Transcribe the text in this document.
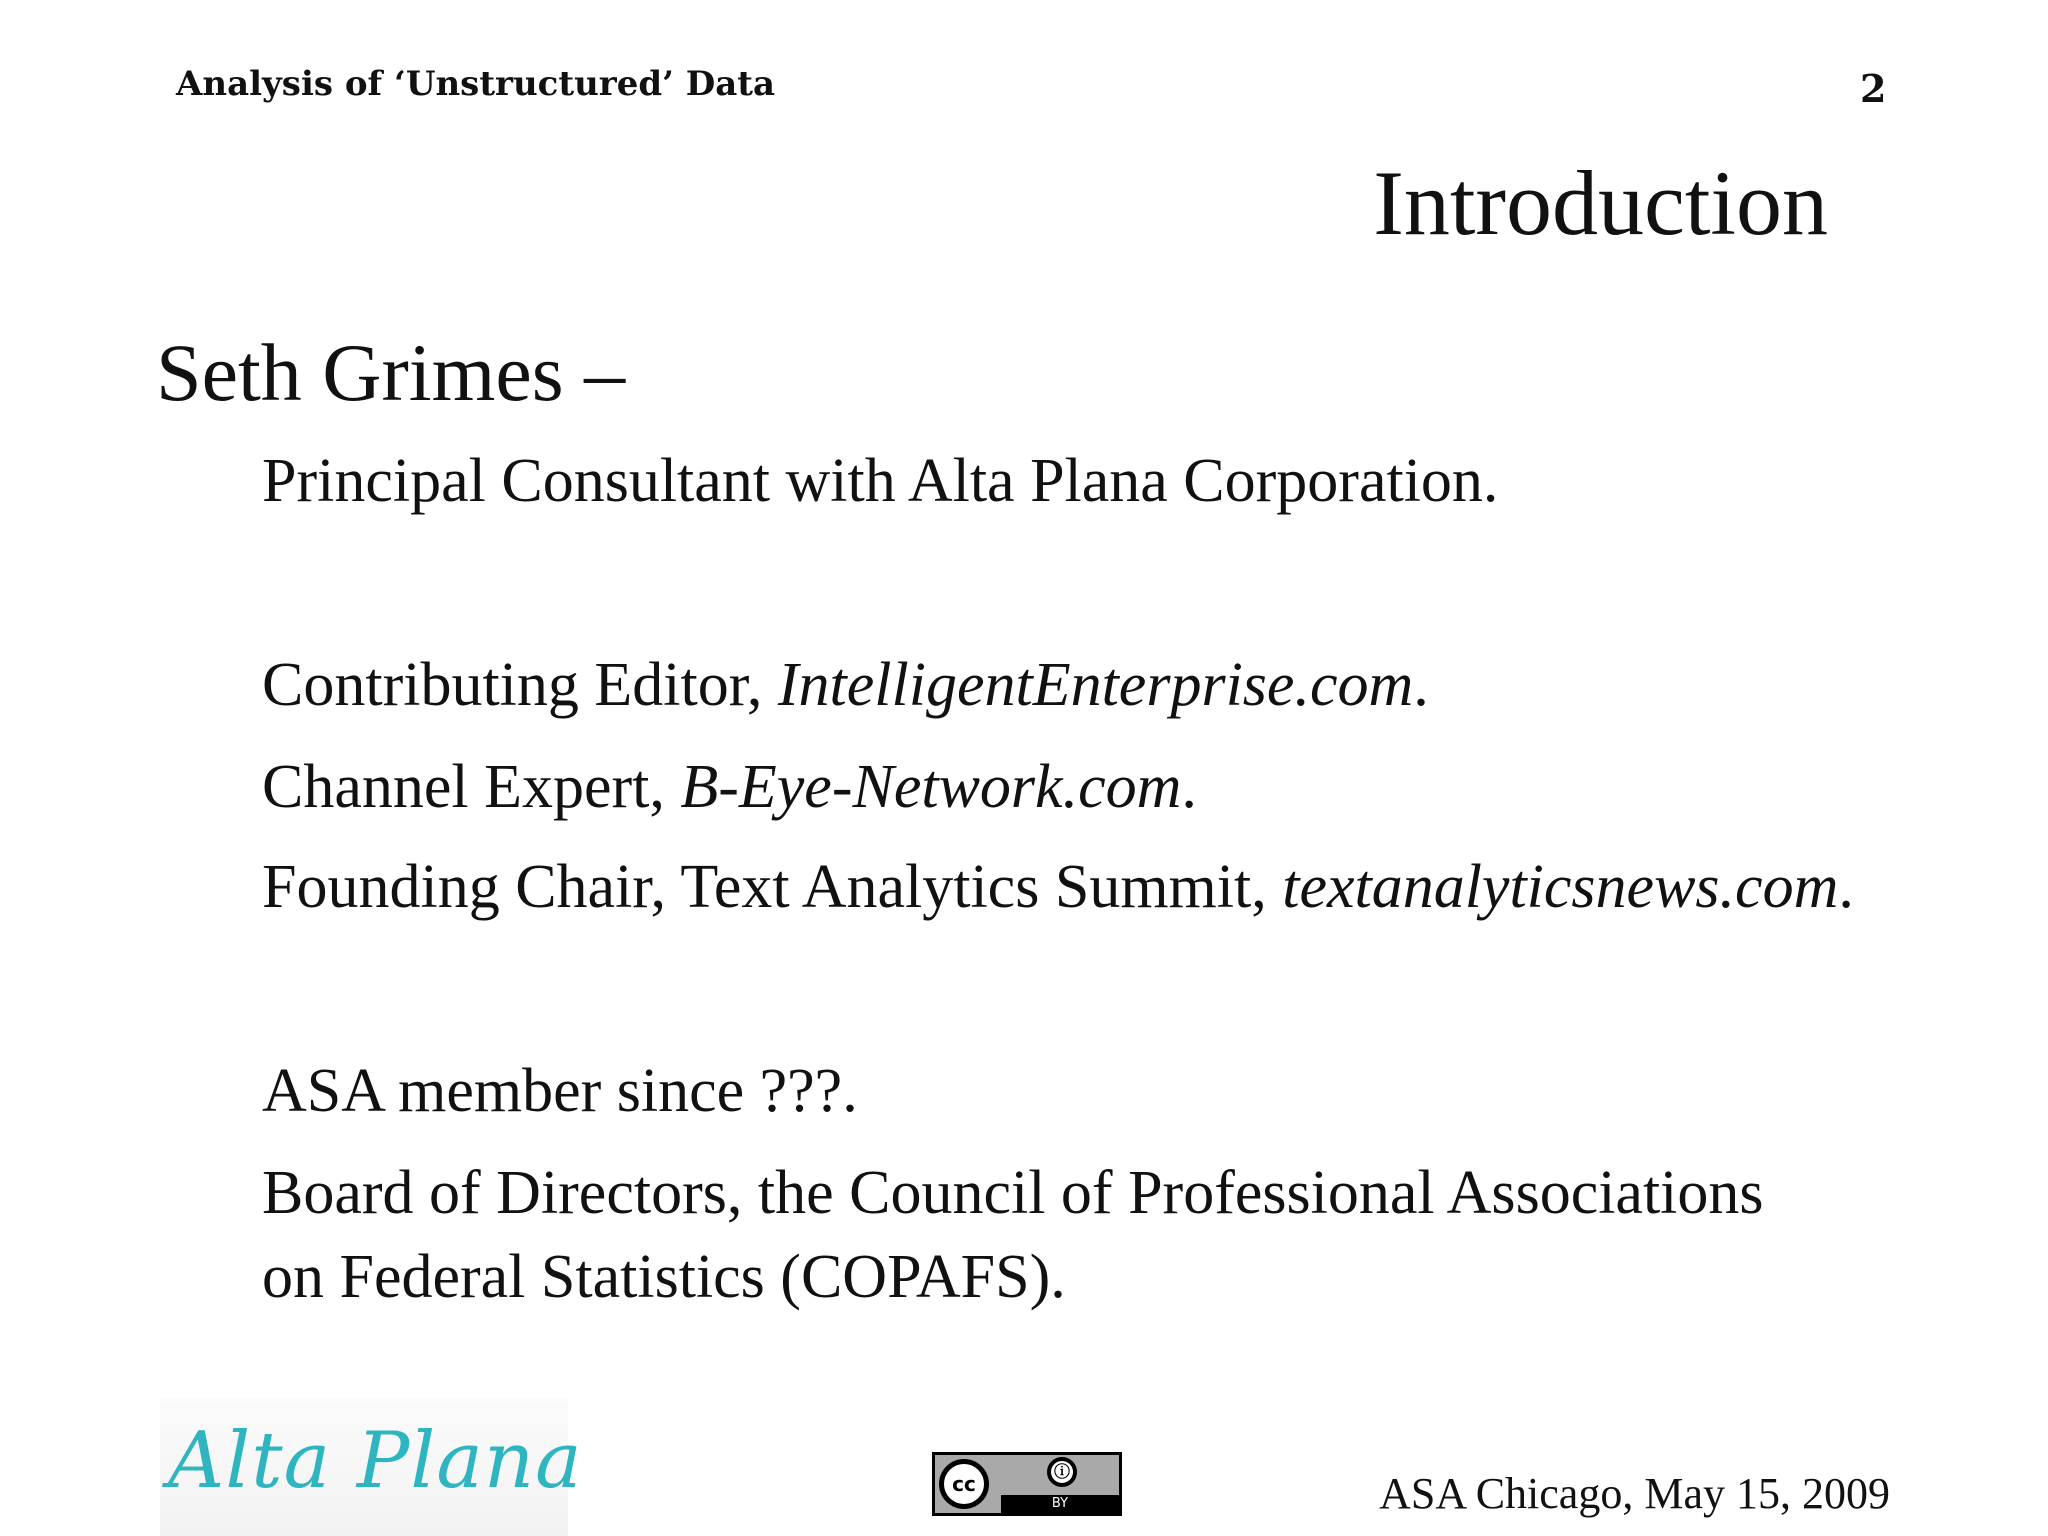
Analysis of ‘Unstructured’ Data	2
Introduction
Seth Grimes –
Principal Consultant with Alta Plana Corporation.
Contributing Editor, IntelligentEnterprise.com.
Channel Expert, B-Eye-Network.com.
Founding Chair, Text Analytics Summit, textanalyticsnews.com.
ASA member since ???.
Board of Directors, the Council of Professional Associations
on Federal Statistics (COPAFS).
Alta Plana	cc
ⓘ
BY	ASA Chicago, May 15, 2009
